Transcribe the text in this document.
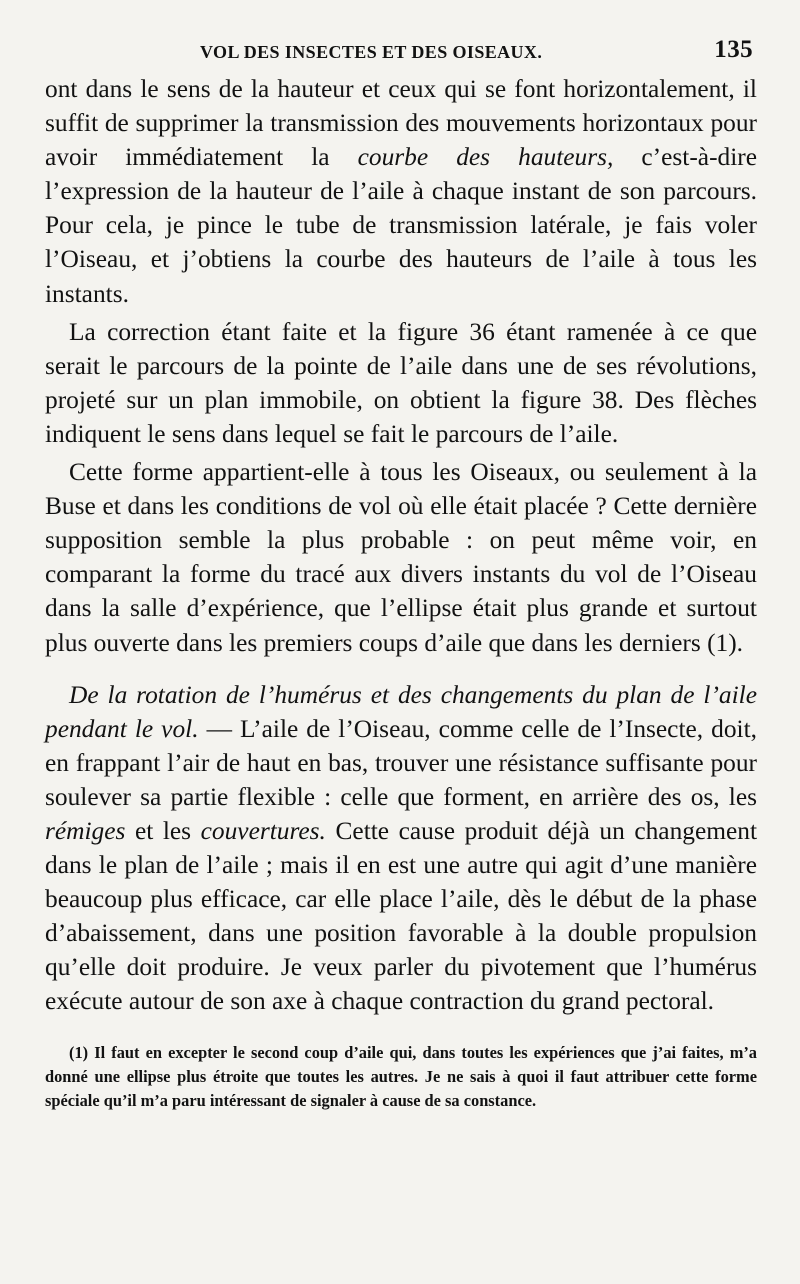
VOL DES INSECTES ET DES OISEAUX.	135

ont dans le sens de la hauteur et ceux qui se font horizontalement, il suffit de supprimer la transmission des mouvements horizontaux pour avoir immédiatement la courbe des hauteurs, c’est-à-dire l’expression de la hauteur de l’aile à chaque instant de son parcours. Pour cela, je pince le tube de transmission latérale, je fais voler l’Oiseau, et j’obtiens la courbe des hauteurs de l’aile à tous les instants.

La correction étant faite et la figure 36 étant ramenée à ce que serait le parcours de la pointe de l’aile dans une de ses révolutions, projeté sur un plan immobile, on obtient la figure 38. Des flèches indiquent le sens dans lequel se fait le parcours de l’aile.

Cette forme appartient-elle à tous les Oiseaux, ou seulement à la Buse et dans les conditions de vol où elle était placée ? Cette dernière supposition semble la plus probable : on peut même voir, en comparant la forme du tracé aux divers instants du vol de l’Oiseau dans la salle d’expérience, que l’ellipse était plus grande et surtout plus ouverte dans les premiers coups d’aile que dans les derniers (1).

De la rotation de l’humérus et des changements du plan de l’aile pendant le vol. — L’aile de l’Oiseau, comme celle de l’Insecte, doit, en frappant l’air de haut en bas, trouver une résistance suffisante pour soulever sa partie flexible : celle que forment, en arrière des os, les rémiges et les couvertures. Cette cause produit déjà un changement dans le plan de l’aile ; mais il en est une autre qui agit d’une manière beaucoup plus efficace, car elle place l’aile, dès le début de la phase d’abaissement, dans une position favorable à la double propulsion qu’elle doit produire. Je veux parler du pivotement que l’humérus exécute autour de son axe à chaque contraction du grand pectoral.

(1) Il faut en excepter le second coup d’aile qui, dans toutes les expériences que j’ai faites, m’a donné une ellipse plus étroite que toutes les autres. Je ne sais à quoi il faut attribuer cette forme spéciale qu’il m’a paru intéressant de signaler à cause de sa constance.
